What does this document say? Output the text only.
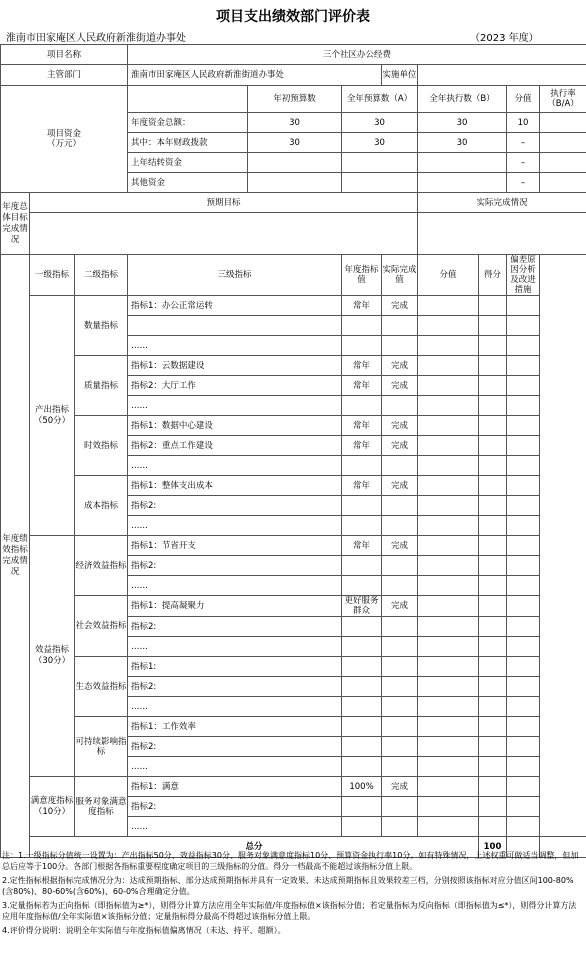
项目支出绩效部门评价表
淮南市田家庵区人民政府新淮街道办事处	（2023 年度）
项目名称			三个社区办公经费								
主管部门			淮南市田家庵区人民政府新淮街道办事处			实施单位					
项目资金
（万元）				年初预算数	全年预算数（A）		全年执行数（B）		分值	执行率（B/A）	
			年度资金总额：	30	30		30		10		
			其中：本年财政拨款	30	30		30		–		
			上年结转资金						–		
			其他资金						–		
年度总体目标完成情况	预期目标						实际完成情况				

年度绩效指标完成情况	一级指标	二级指标	三级指标		年度指标值	实际完成值	分值	得分	偏差原因分析及改进措施		
	产出指标（50分）	数量指标	指标1：办公正常运转		常年	完成					

			……								
		质量指标	指标1：云数据建设		常年	完成					
			指标2：大厅工作		常年	完成					
			……								
		时效指标	指标1：数据中心建设		常年	完成					
			指标2：重点工作建设		常年	完成					
			……								
		成本指标	指标1：整体支出成本		常年	完成					
			指标2:								
			……								
	效益指标（30分）	经济效益指标	指标1：节省开支		常年	完成					
			指标2:								
			……								
		社会效益指标	指标1：提高凝聚力		更好服务群众	完成					
			指标2:								
			……								
		生态效益指标	指标1:								
			指标2:								
			……								
		可持续影响指标	指标1：工作效率								
			指标2:								
			……								
	满意度指标（10分）	服务对象满意度指标	指标1：满意		100%	完成					
			指标2:								
			……								
	总分							100			

注：1.一级指标分值统一设置为：产出指标50分、效益指标30分、服务对象满意度指标10分、预算资金执行率10分。如有特殊情况，上述权重可做适当调整，但加总后应等于100分。各部门根据各指标重要程度确定项目的三级指标的分值。得分一档最高不能超过该指标分值上限。

2.定性指标根据指标完成情况分为：达成预期指标、部分达成预期指标并具有一定效果、未达成预期指标且效果较差三档，分别按照该指标对应分值区间100-80%(含80%)、80-60%(含60%)、60-0%合理确定分值。

3.定量指标若为正向指标（即指标值为≥*），则得分计算方法应用全年实际值/年度指标值×该指标分值；若定量指标为反向指标（即指标值为≤*），则得分计算方法应用年度指标值/全年实际值×该指标分值；定量指标得分最高不得超过该指标分值上限。

4.评价得分说明：说明全年实际值与年度指标值偏离情况（未达、持平、超额）。
